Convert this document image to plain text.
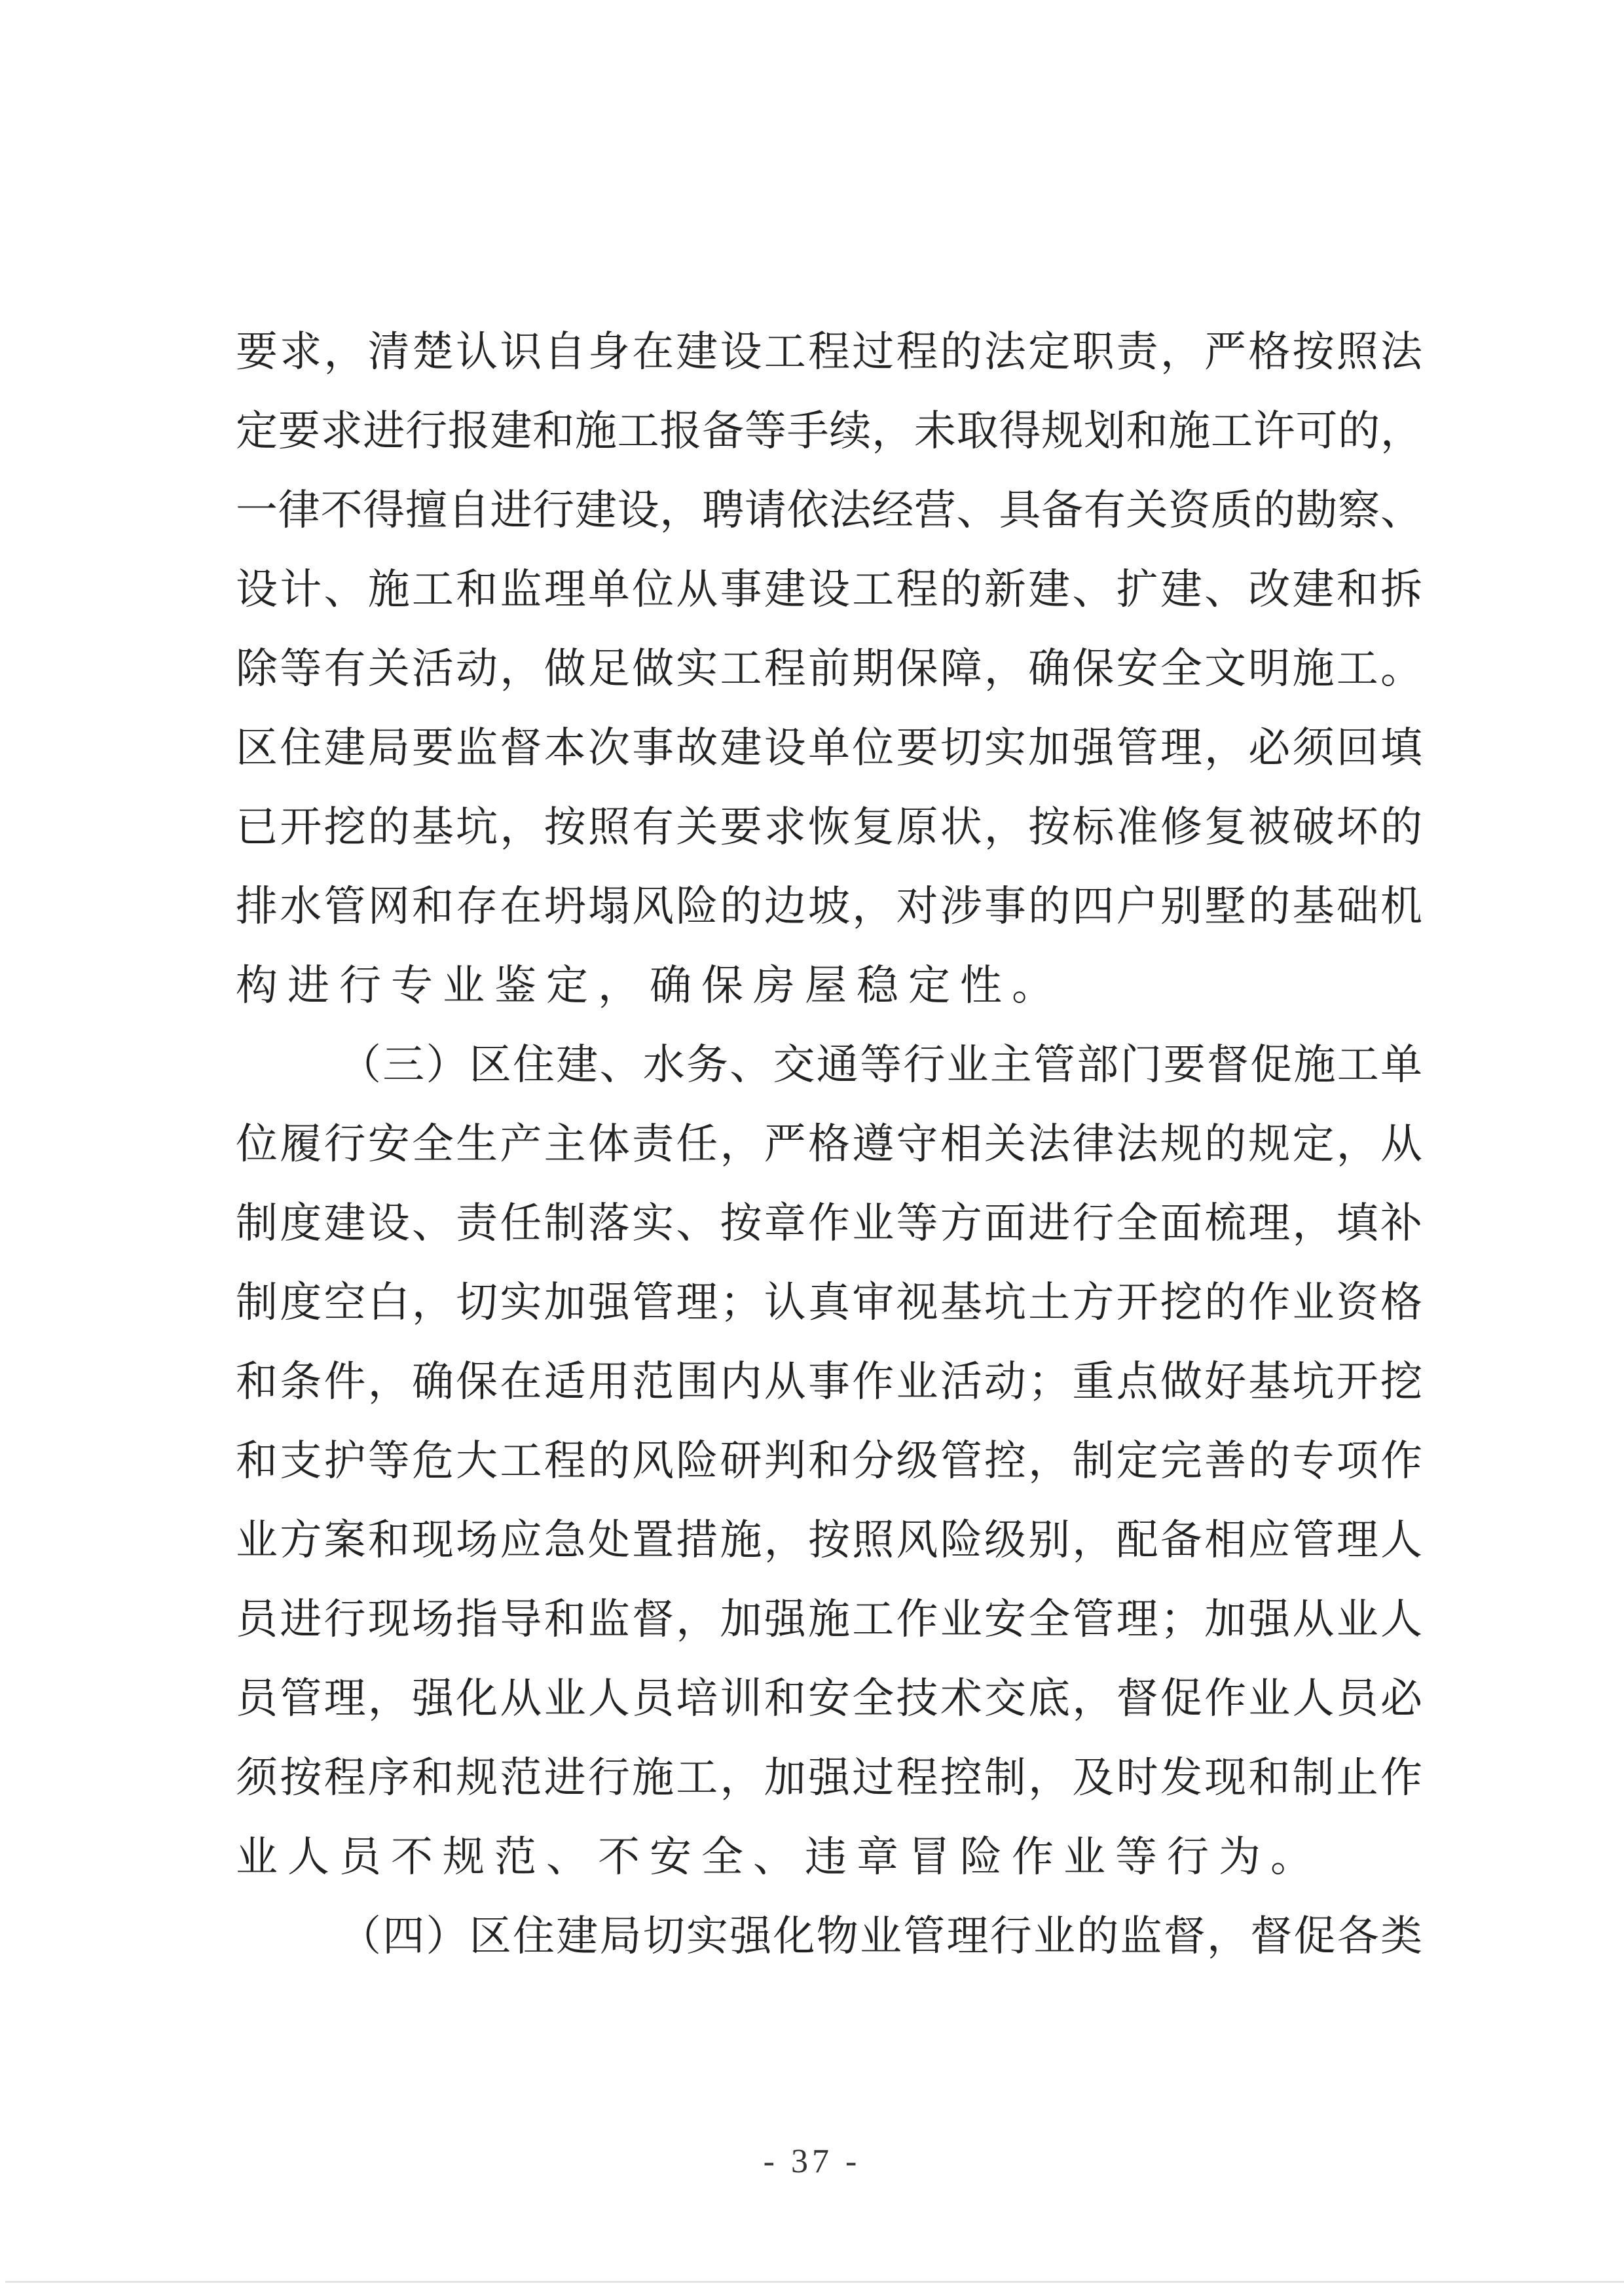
要求，清楚认识自身在建设工程过程的法定职责，严格按照法
定要求进行报建和施工报备等手续，未取得规划和施工许可的，
一律不得擅自进行建设，聘请依法经营、具备有关资质的勘察、
设计、施工和监理单位从事建设工程的新建、扩建、改建和拆
除等有关活动，做足做实工程前期保障，确保安全文明施工。
区住建局要监督本次事故建设单位要切实加强管理，必须回填
已开挖的基坑，按照有关要求恢复原状，按标准修复被破坏的
排水管网和存在坍塌风险的边坡，对涉事的四户别墅的基础机
构进行专业鉴定，确保房屋稳定性。
（三）区住建、水务、交通等行业主管部门要督促施工单
位履行安全生产主体责任，严格遵守相关法律法规的规定，从
制度建设、责任制落实、按章作业等方面进行全面梳理，填补
制度空白，切实加强管理；认真审视基坑土方开挖的作业资格
和条件，确保在适用范围内从事作业活动；重点做好基坑开挖
和支护等危大工程的风险研判和分级管控，制定完善的专项作
业方案和现场应急处置措施，按照风险级别，配备相应管理人
员进行现场指导和监督，加强施工作业安全管理；加强从业人
员管理，强化从业人员培训和安全技术交底，督促作业人员必
须按程序和规范进行施工，加强过程控制，及时发现和制止作
业人员不规范、不安全、违章冒险作业等行为。
（四）区住建局切实强化物业管理行业的监督，督促各类
- 37 -
